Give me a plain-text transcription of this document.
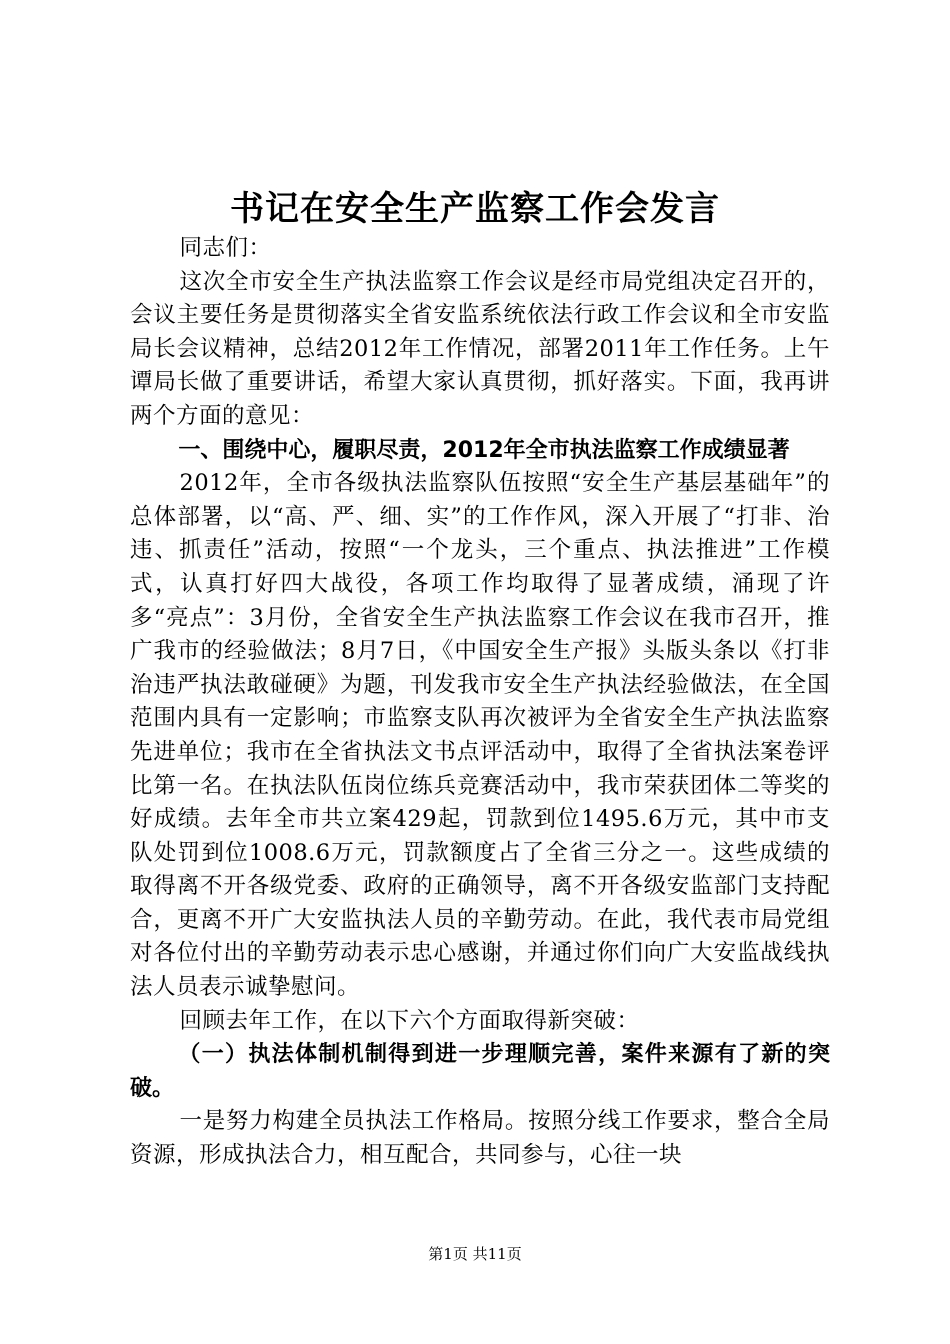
书记在安全生产监察工作会发言

同志们：

这次全市安全生产执法监察工作会议是经市局党组决定召开的，会议主要任务是贯彻落实全省安监系统依法行政工作会议和全市安监局长会议精神，总结2012年工作情况，部署2011年工作任务。上午谭局长做了重要讲话，希望大家认真贯彻，抓好落实。下面，我再讲两个方面的意见：

一、围绕中心，履职尽责，2012年全市执法监察工作成绩显著

2012年，全市各级执法监察队伍按照“安全生产基层基础年”的总体部署，以“高、严、细、实”的工作作风，深入开展了“打非、治违、抓责任”活动，按照“一个龙头，三个重点、执法推进”工作模式，认真打好四大战役，各项工作均取得了显著成绩，涌现了许多“亮点”：3月份，全省安全生产执法监察工作会议在我市召开，推广我市的经验做法；8月7日，《中国安全生产报》头版头条以《打非治违严执法敢碰硬》为题，刊发我市安全生产执法经验做法，在全国范围内具有一定影响；市监察支队再次被评为全省安全生产执法监察先进单位；我市在全省执法文书点评活动中，取得了全省执法案卷评比第一名。在执法队伍岗位练兵竞赛活动中，我市荣获团体二等奖的好成绩。去年全市共立案429起，罚款到位1495.6万元，其中市支队处罚到位1008.6万元，罚款额度占了全省三分之一。这些成绩的取得离不开各级党委、政府的正确领导，离不开各级安监部门支持配合，更离不开广大安监执法人员的辛勤劳动。在此，我代表市局党组对各位付出的辛勤劳动表示忠心感谢，并通过你们向广大安监战线执法人员表示诚挚慰问。

回顾去年工作，在以下六个方面取得新突破：

（一）执法体制机制得到进一步理顺完善，案件来源有了新的突破。

一是努力构建全员执法工作格局。按照分线工作要求，整合全局资源，形成执法合力，相互配合，共同参与，心往一块

第1页 共11页
